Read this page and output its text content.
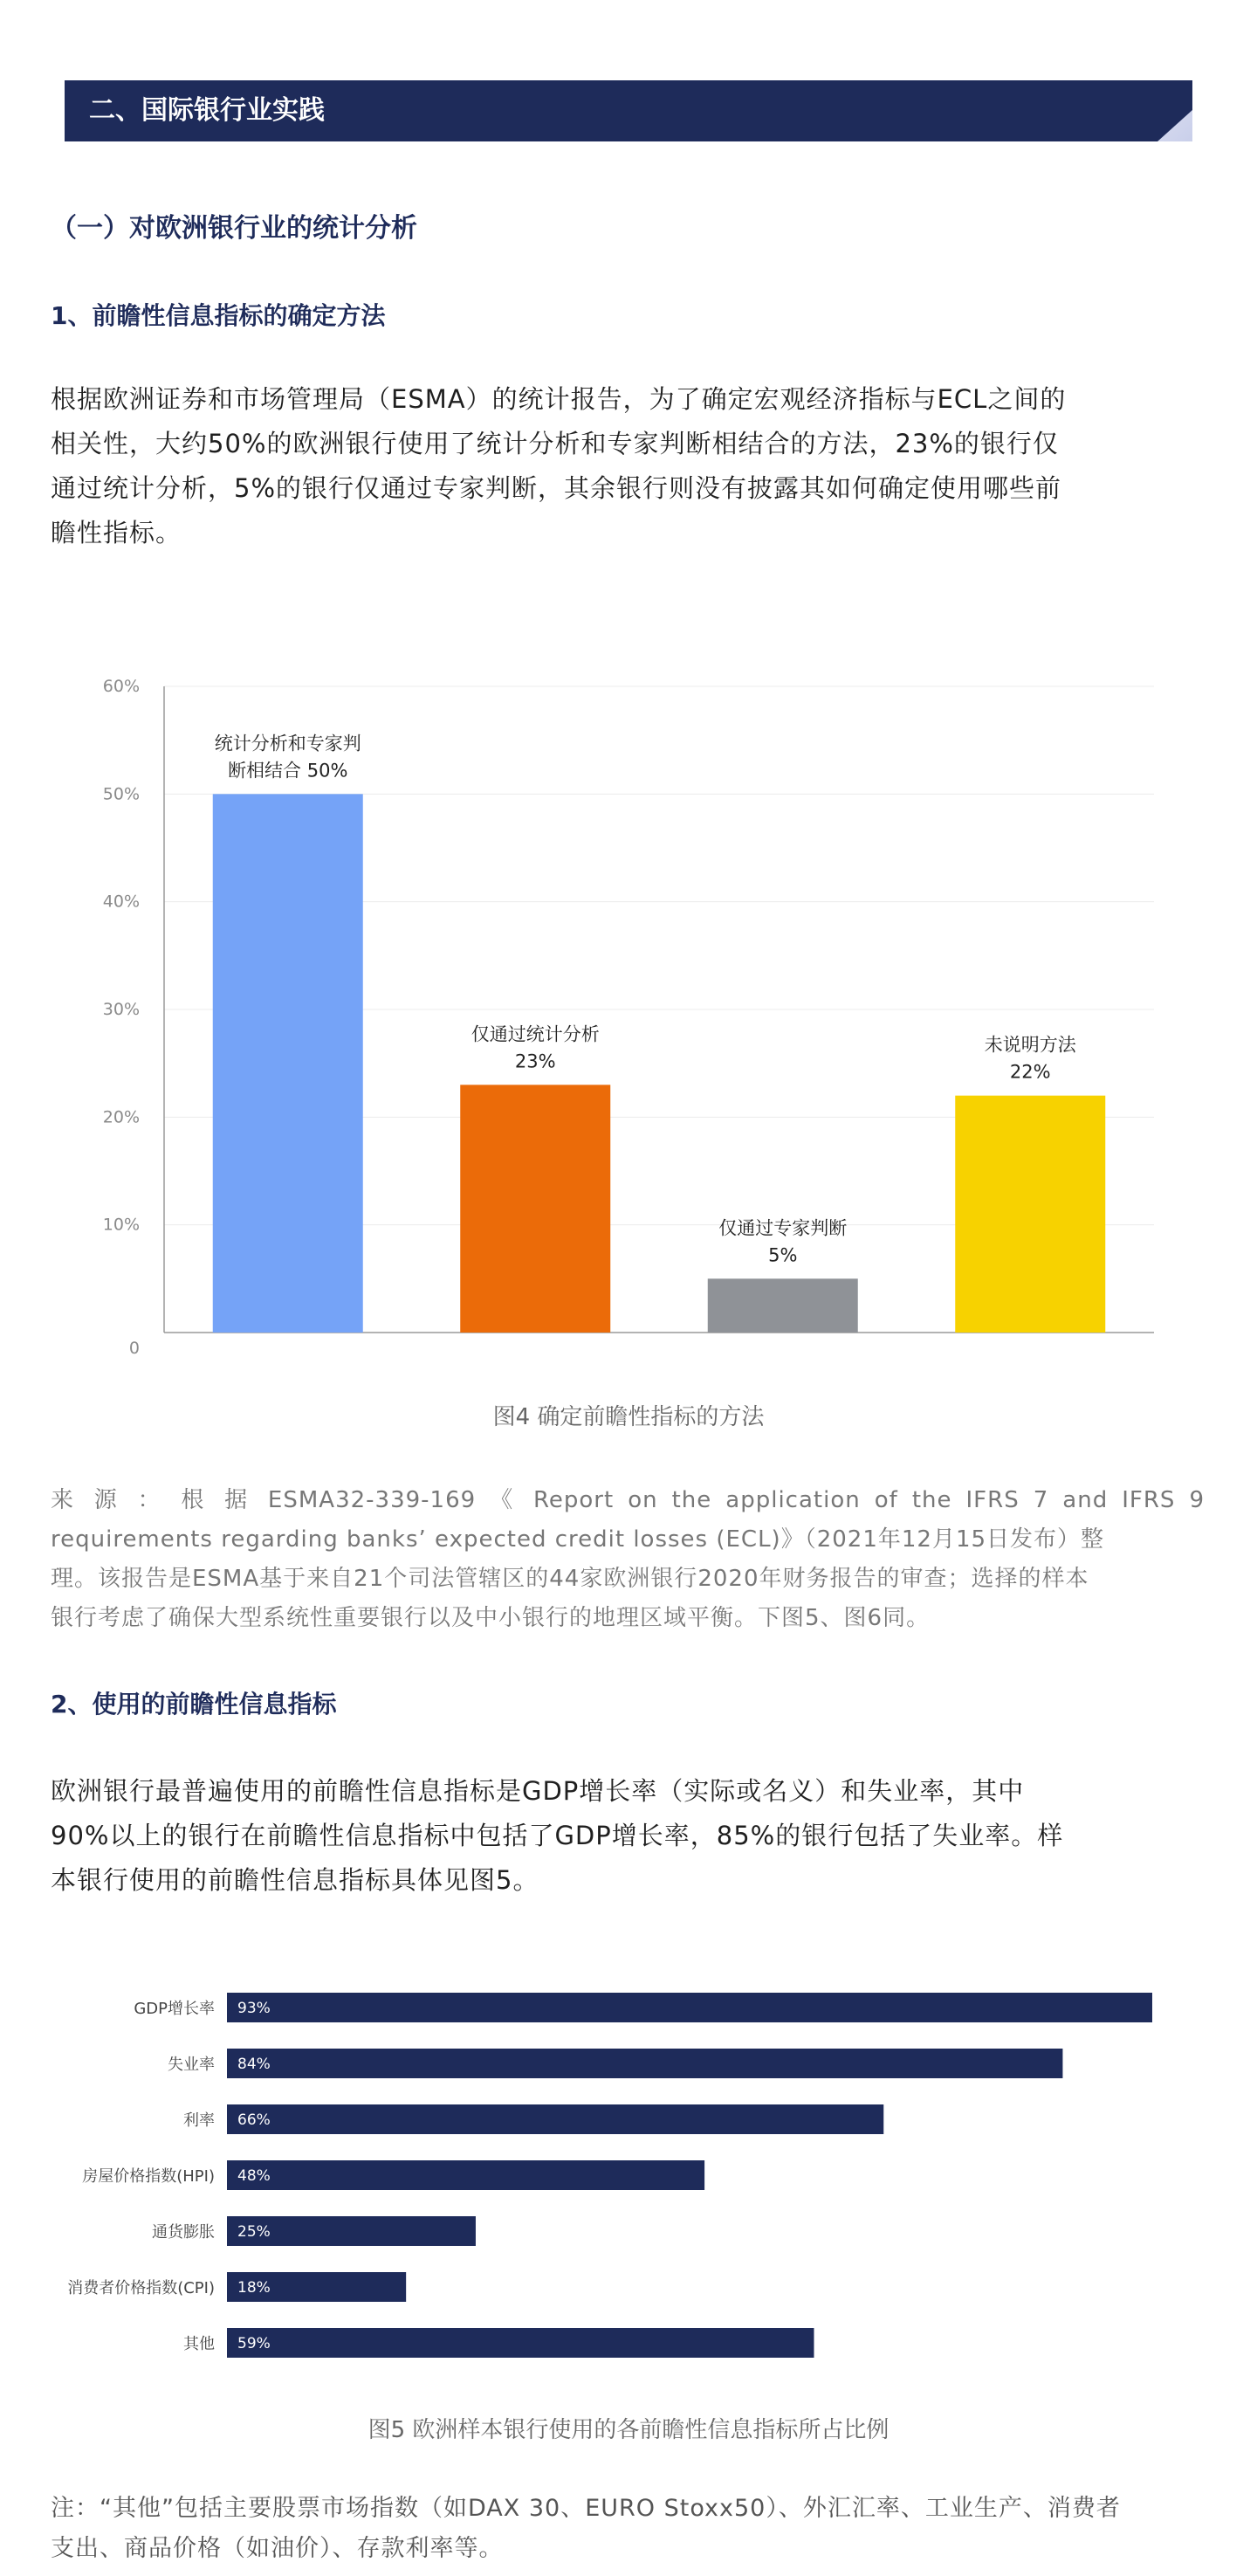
二、国际银行业实践
（一）对欧洲银行业的统计分析
1、前瞻性信息指标的确定方法
根据欧洲证券和市场管理局（ESMA）的统计报告，为了确定宏观经济指标与ECL之间的
相关性，大约50%的欧洲银行使用了统计分析和专家判断相结合的方法，23%的银行仅
通过统计分析，5%的银行仅通过专家判断，其余银行则没有披露其如何确定使用哪些前
瞻性指标。
0
10%
20%
30%
40%
50%
60%
统计分析和专家判
断相结合 50%
仅通过统计分析
23%
仅通过专家判断
5%
未说明方法
22%
图4 确定前瞻性指标的方法
来 源 ： 根 据 ESMA32-339-169 《 Report on the application of the IFRS 7 and IFRS 9
requirements regarding banks’ expected credit losses (ECL)》（2021年12月15日发布）整
理。该报告是ESMA基于来自21个司法管辖区的44家欧洲银行2020年财务报告的审查；选择的样本
银行考虑了确保大型系统性重要银行以及中小银行的地理区域平衡。下图5、图6同。
2、使用的前瞻性信息指标
欧洲银行最普遍使用的前瞻性信息指标是GDP增长率（实际或名义）和失业率，其中
90%以上的银行在前瞻性信息指标中包括了GDP增长率，85%的银行包括了失业率。样
本银行使用的前瞻性信息指标具体见图5。
GDP增长率 93%
失业率 84%
利率 66%
房屋价格指数(HPI) 48%
通货膨胀 25%
消费者价格指数(CPI) 18%
其他 59%
图5 欧洲样本银行使用的各前瞻性信息指标所占比例
注：“其他”包括主要股票市场指数（如DAX 30、EURO Stoxx50）、外汇汇率、工业生产、消费者
支出、商品价格（如油价）、存款利率等。
